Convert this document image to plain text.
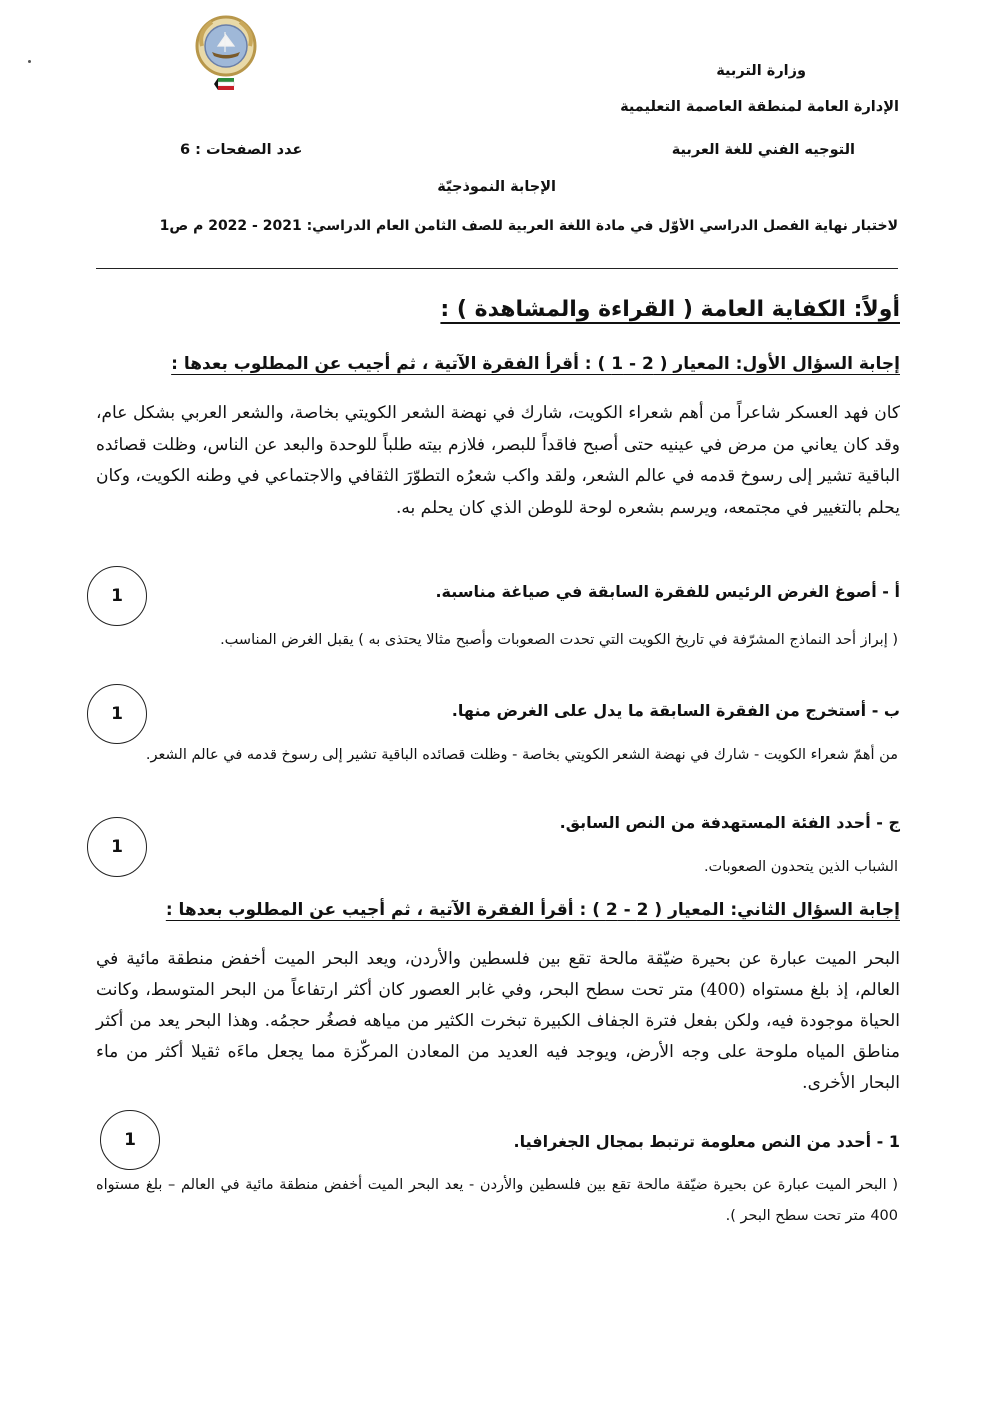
وزارة التربية
الإدارة العامة لمنطقة العاصمة التعليمية
التوجيه الفني للغة العربية
عدد الصفحات : 6
الإجابة النموذجيّة
لاختبار نهاية الفصل الدراسي الأوّل في مادة اللغة العربية للصف الثامن العام الدراسي: 2021 - 2022 م ص1
أولاً: الكفاية العامة ( القراءة والمشاهدة ) :
إجابة السؤال الأول: المعيار ( 2 - 1 ) : أقرأ الفقرة الآتية ، ثم أجيب عن المطلوب بعدها :
كان فهد العسكر شاعراً من أهم شعراء الكويت، شارك في نهضة الشعر الكويتي بخاصة، والشعر العربي بشكل عام، وقد كان يعاني من مرض في عينيه حتى أصبح فاقداً للبصر، فلازم بيته طلباً للوحدة والبعد عن الناس، وظلت قصائده الباقية تشير إلى رسوخ قدمه في عالم الشعر، ولقد واكب شعرُه التطوّرَ الثقافي والاجتماعي في وطنه الكويت، وكان يحلم بالتغيير في مجتمعه، ويرسم بشعره لوحة للوطن الذي كان يحلم به.
أ - أصوغ الغرض الرئيس للفقرة السابقة في صياغة مناسبة.
1
( إبراز أحد النماذج المشرّفة في تاريخ الكويت التي تحدت الصعوبات وأصبح مثالا يحتذى به ) يقبل الغرض المناسب.
ب - أستخرج من الفقرة السابقة ما يدل على الغرض منها.
1
من أهمّ شعراء الكويت - شارك في نهضة الشعر الكويتي بخاصة - وظلت قصائده الباقية تشير إلى رسوخ قدمه في عالم الشعر.
ج - أحدد الفئة المستهدفة من النص السابق.
1
الشباب الذين يتحدون الصعوبات.
إجابة السؤال الثاني: المعيار ( 2 - 2 ) : أقرأ الفقرة الآتية ، ثم أجيب عن المطلوب بعدها :
البحر الميت عبارة عن بحيرة ضيّقة مالحة تقع بين فلسطين والأردن، ويعد البحر الميت أخفض منطقة مائية في العالم، إذ بلغ مستواه (400) متر تحت سطح البحر، وفي غابر العصور كان أكثر ارتفاعاً من البحر المتوسط، وكانت الحياة موجودة فيه، ولكن بفعل فترة الجفاف الكبيرة تبخرت الكثير من مياهه فصغُر حجمُه. وهذا البحر يعد من أكثر مناطق المياه ملوحة على وجه الأرض، ويوجد فيه العديد من المعادن المركّزة مما يجعل ماءَه ثقيلا أكثر من ماء البحار الأخرى.
1	1 - أحدد من النص معلومة ترتبط بمجال الجغرافيا.
( البحر الميت عبارة عن بحيرة ضيّقة مالحة تقع بين فلسطين والأردن - يعد البحر الميت أخفض منطقة مائية في العالم – بلغ مستواه 400 متر تحت سطح البحر ).
